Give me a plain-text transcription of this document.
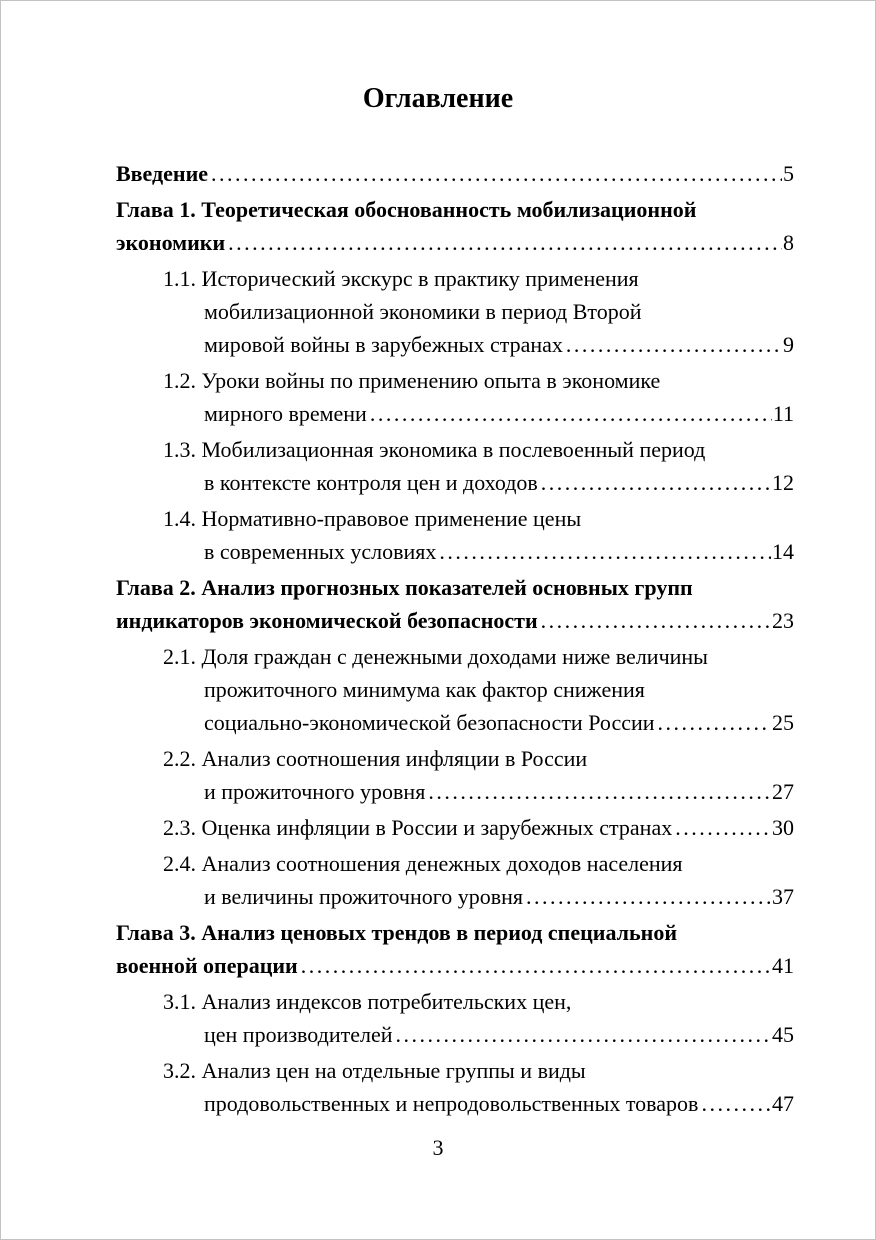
Оглавление
Введение .....	5
Глава 1. Теоретическая обоснованность мобилизационной
экономики .....	8
1.1. Исторический экскурс в практику применения
мобилизационной экономики в период Второй
мировой войны в зарубежных странах .....	9
1.2. Уроки войны по применению опыта в экономике
мирного времени .....	11
1.3. Мобилизационная экономика в послевоенный период
в контексте контроля цен и доходов .....	12
1.4. Нормативно-правовое применение цены
в современных условиях .....	14
Глава 2. Анализ прогнозных показателей основных групп
индикаторов экономической безопасности .....	23
2.1. Доля граждан с денежными доходами ниже величины
прожиточного минимума как фактор снижения
социально-экономической безопасности России .....	25
2.2. Анализ соотношения инфляции в России
и прожиточного уровня .....	27
2.3. Оценка инфляции в России и зарубежных странах .....	30
2.4. Анализ соотношения денежных доходов населения
и величины прожиточного уровня .....	37
Глава 3. Анализ ценовых трендов в период специальной
военной операции .....	41
3.1. Анализ индексов потребительских цен,
цен производителей .....	45
3.2. Анализ цен на отдельные группы и виды
продовольственных и непродовольственных товаров .....	47
3
